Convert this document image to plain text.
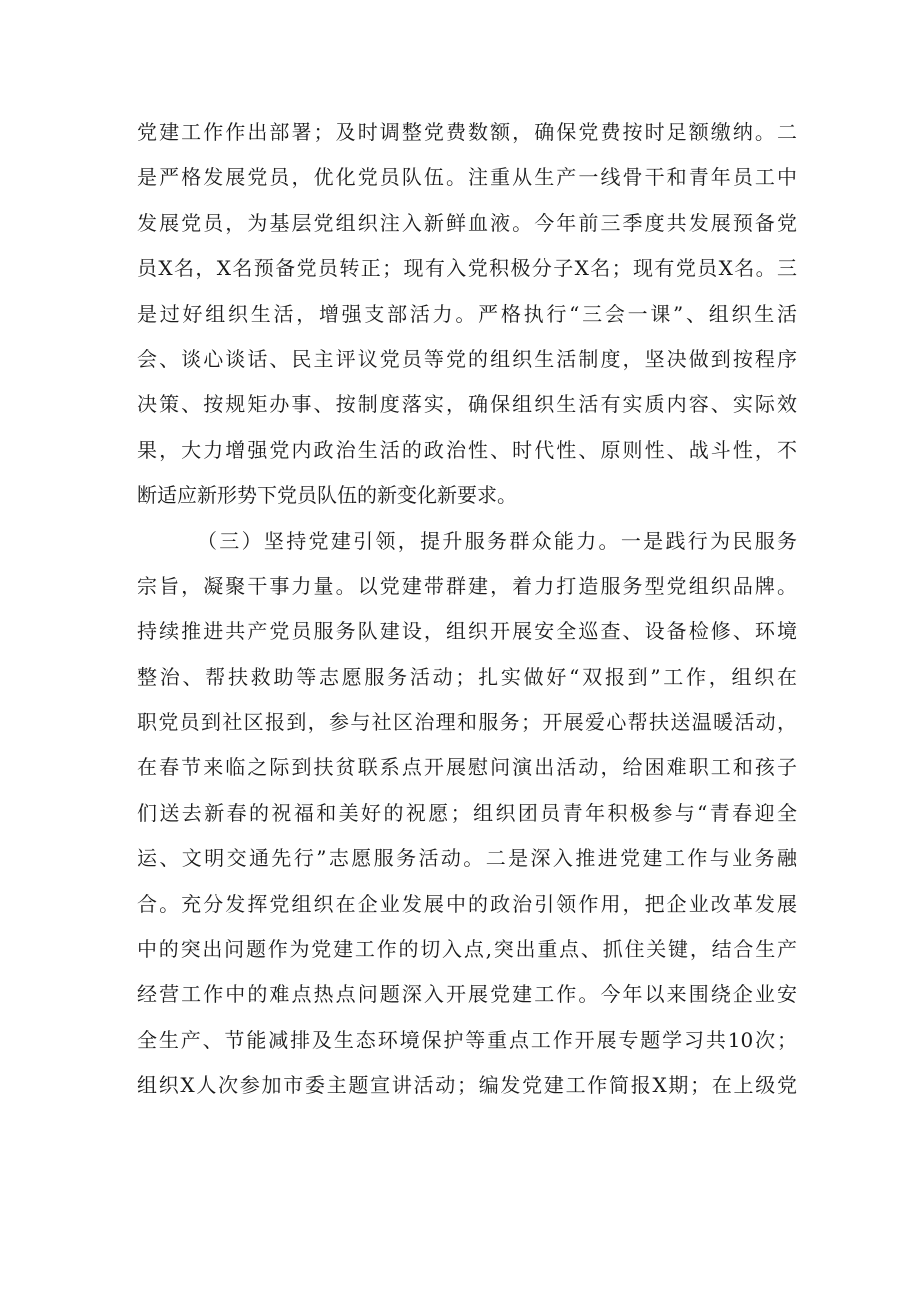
党建工作作出部署；及时调整党费数额，确保党费按时足额缴纳。二
是严格发展党员，优化党员队伍。注重从生产一线骨干和青年员工中
发展党员，为基层党组织注入新鲜血液。今年前三季度共发展预备党
员X名，X名预备党员转正；现有入党积极分子X名；现有党员X名。三
是过好组织生活，增强支部活力。严格执行“三会一课”、组织生活
会、谈心谈话、民主评议党员等党的组织生活制度，坚决做到按程序
决策、按规矩办事、按制度落实，确保组织生活有实质内容、实际效
果，大力增强党内政治生活的政治性、时代性、原则性、战斗性，不
断适应新形势下党员队伍的新变化新要求。
（三）坚持党建引领，提升服务群众能力。一是践行为民服务
宗旨，凝聚干事力量。以党建带群建，着力打造服务型党组织品牌。
持续推进共产党员服务队建设，组织开展安全巡查、设备检修、环境
整治、帮扶救助等志愿服务活动；扎实做好“双报到”工作，组织在
职党员到社区报到，参与社区治理和服务；开展爱心帮扶送温暖活动，
在春节来临之际到扶贫联系点开展慰问演出活动，给困难职工和孩子
们送去新春的祝福和美好的祝愿；组织团员青年积极参与“青春迎全
运、文明交通先行”志愿服务活动。二是深入推进党建工作与业务融
合。充分发挥党组织在企业发展中的政治引领作用，把企业改革发展
中的突出问题作为党建工作的切入点,突出重点、抓住关键，结合生产
经营工作中的难点热点问题深入开展党建工作。今年以来围绕企业安
全生产、节能减排及生态环境保护等重点工作开展专题学习共10次；
组织X人次参加市委主题宣讲活动；编发党建工作简报X期；在上级党
